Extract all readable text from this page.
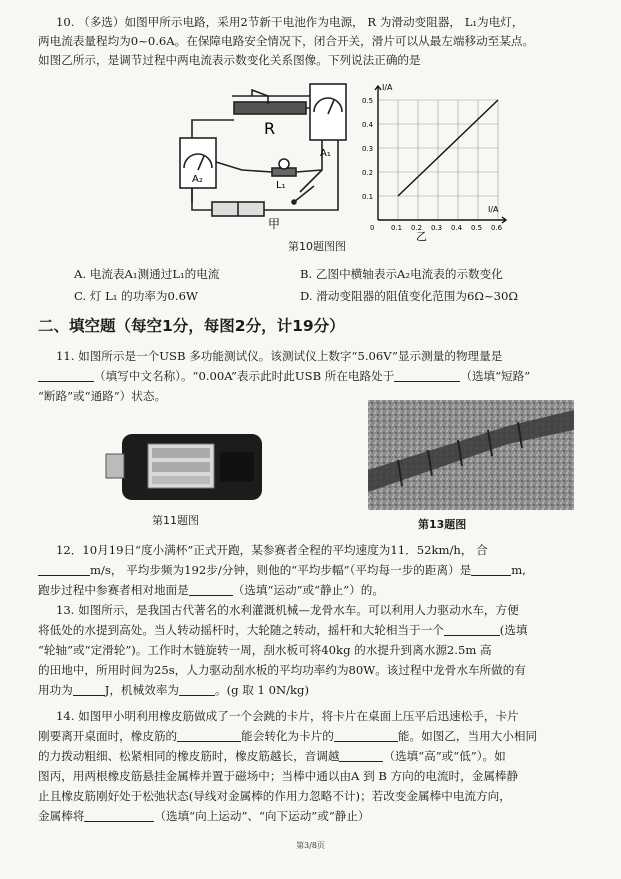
10. （多选）如图甲所示电路，采用2节新干电池作为电源， R 为滑动变阻器， L₁为电灯，
两电流表量程均为0~0.6A。在保障电路安全情况下，闭合开关，滑片可以从最左端移动至某点。
如图乙所示，是调节过程中两电流表示数变化关系图像。下列说法正确的是
R
A₁
A₂
L₁
甲
I/A
I/A
0
0.5
0.4
0.3
0.2
0.1
0.1 0.2 0.3 0.4 0.5 0.6
乙
第10题图图
A. 电流表A₁测通过L₁的电流	B. 乙图中横轴表示A₂电流表的示数变化
C. 灯 L₁ 的功率为0.6W	D. 滑动变阻器的阻值变化范围为6Ω~30Ω
二、填空题（每空1分，每图2分，计19分）
11. 如图所示是一个USB 多功能测试仪。该测试仪上数字“5.06V”显示测量的物理量是
（填写中文名称）。“0.00A”表示此时此USB 所在电路处于	（选填“短路”
“断路”或“通路”）状态。
第11题图	第13题图
12．10月19日“度小满杯”正式开跑，某参赛者全程的平均速度为11．52km/h， 合
m/s， 平均步频为192步/分钟，则他的“平均步幅”（平均每一步的距离）是	m,
跑步过程中参赛者相对地面是	（选填“运动”或“静止”）的。
13. 如图所示，是我国古代著名的水利灌溉机械—龙骨水车。可以利用人力驱动水车，方便
将低处的水提到高处。当人转动摇杆时，大轮随之转动，摇杆和大轮相当于一个	(选填
“轮轴”或“定滑轮”)。工作时木链旋转一周，刮水板可将40kg 的水提升到离水源2.5m 高
的田地中，所用时间为25s，人力驱动刮水板的平均功率约为80W。该过程中龙骨水车所做的有
用功为	J，机械效率为	。(g 取 1 0N/kg)
14. 如图甲小明利用橡皮筋做成了一个会跳的卡片，将卡片在桌面上压平后迅速松手，卡片
刚要离开桌面时，橡皮筋的	能会转化为卡片的	能。如图乙，当用大小相同
的力拨动粗细、松紧相同的橡皮筋时，橡皮筋越长，音调越	（选填“高”或“低”）。如
图丙，用两根橡皮筋悬挂金属棒并置于磁场中；当棒中通以由A 到 B 方向的电流时，金属棒静
止且橡皮筋刚好处于松弛状态(导线对金属棒的作用力忽略不计)；若改变金属棒中电流方向，
金属棒将	（选填“向上运动”、“向下运动”或“静止）
第3/8页
